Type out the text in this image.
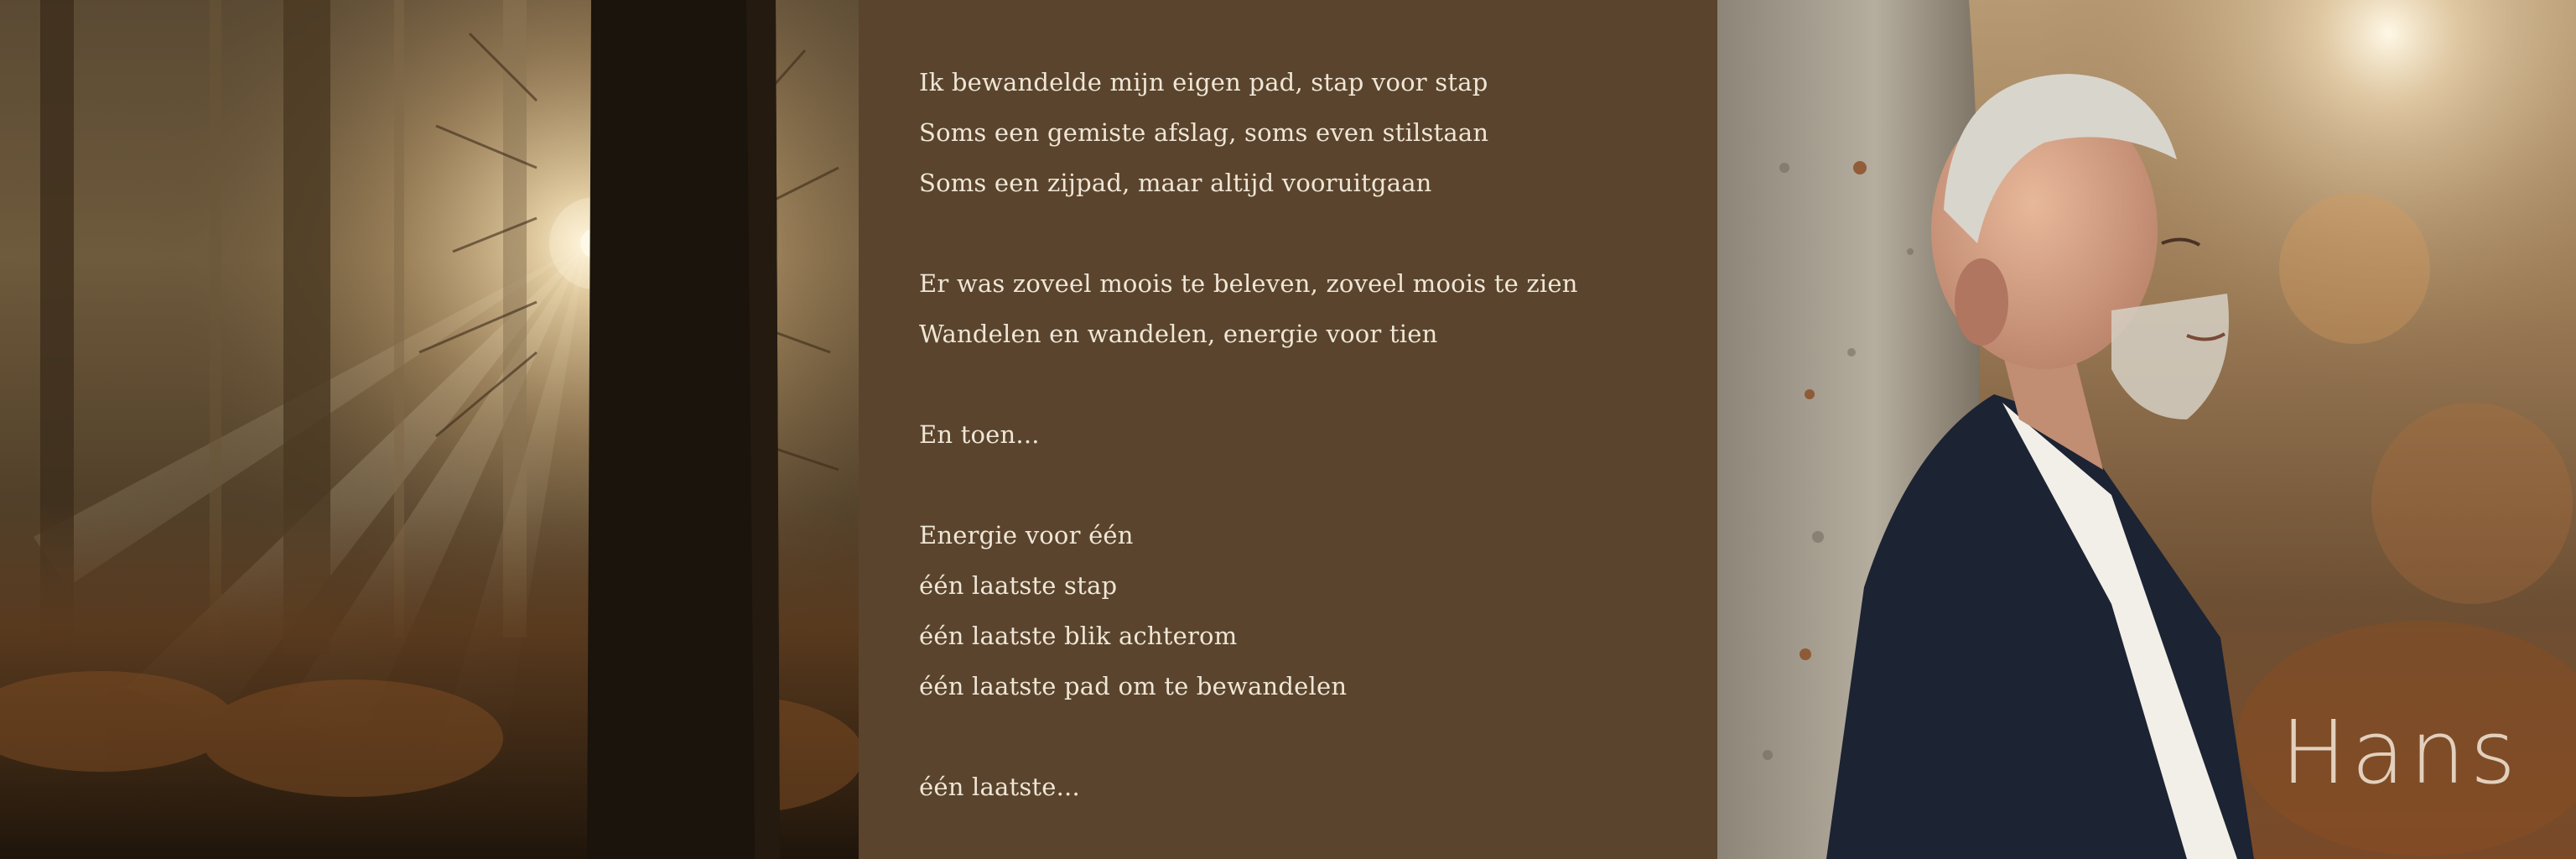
Ik bewandelde mijn eigen pad, stap voor stap
Soms een gemiste afslag, soms even stilstaan
Soms een zijpad, maar altijd vooruitgaan
Er was zoveel moois te beleven, zoveel moois te zien
Wandelen en wandelen, energie voor tien
En toen...
Energie voor één
één laatste stap
één laatste blik achterom
één laatste pad om te bewandelen
één laatste...	Hans
